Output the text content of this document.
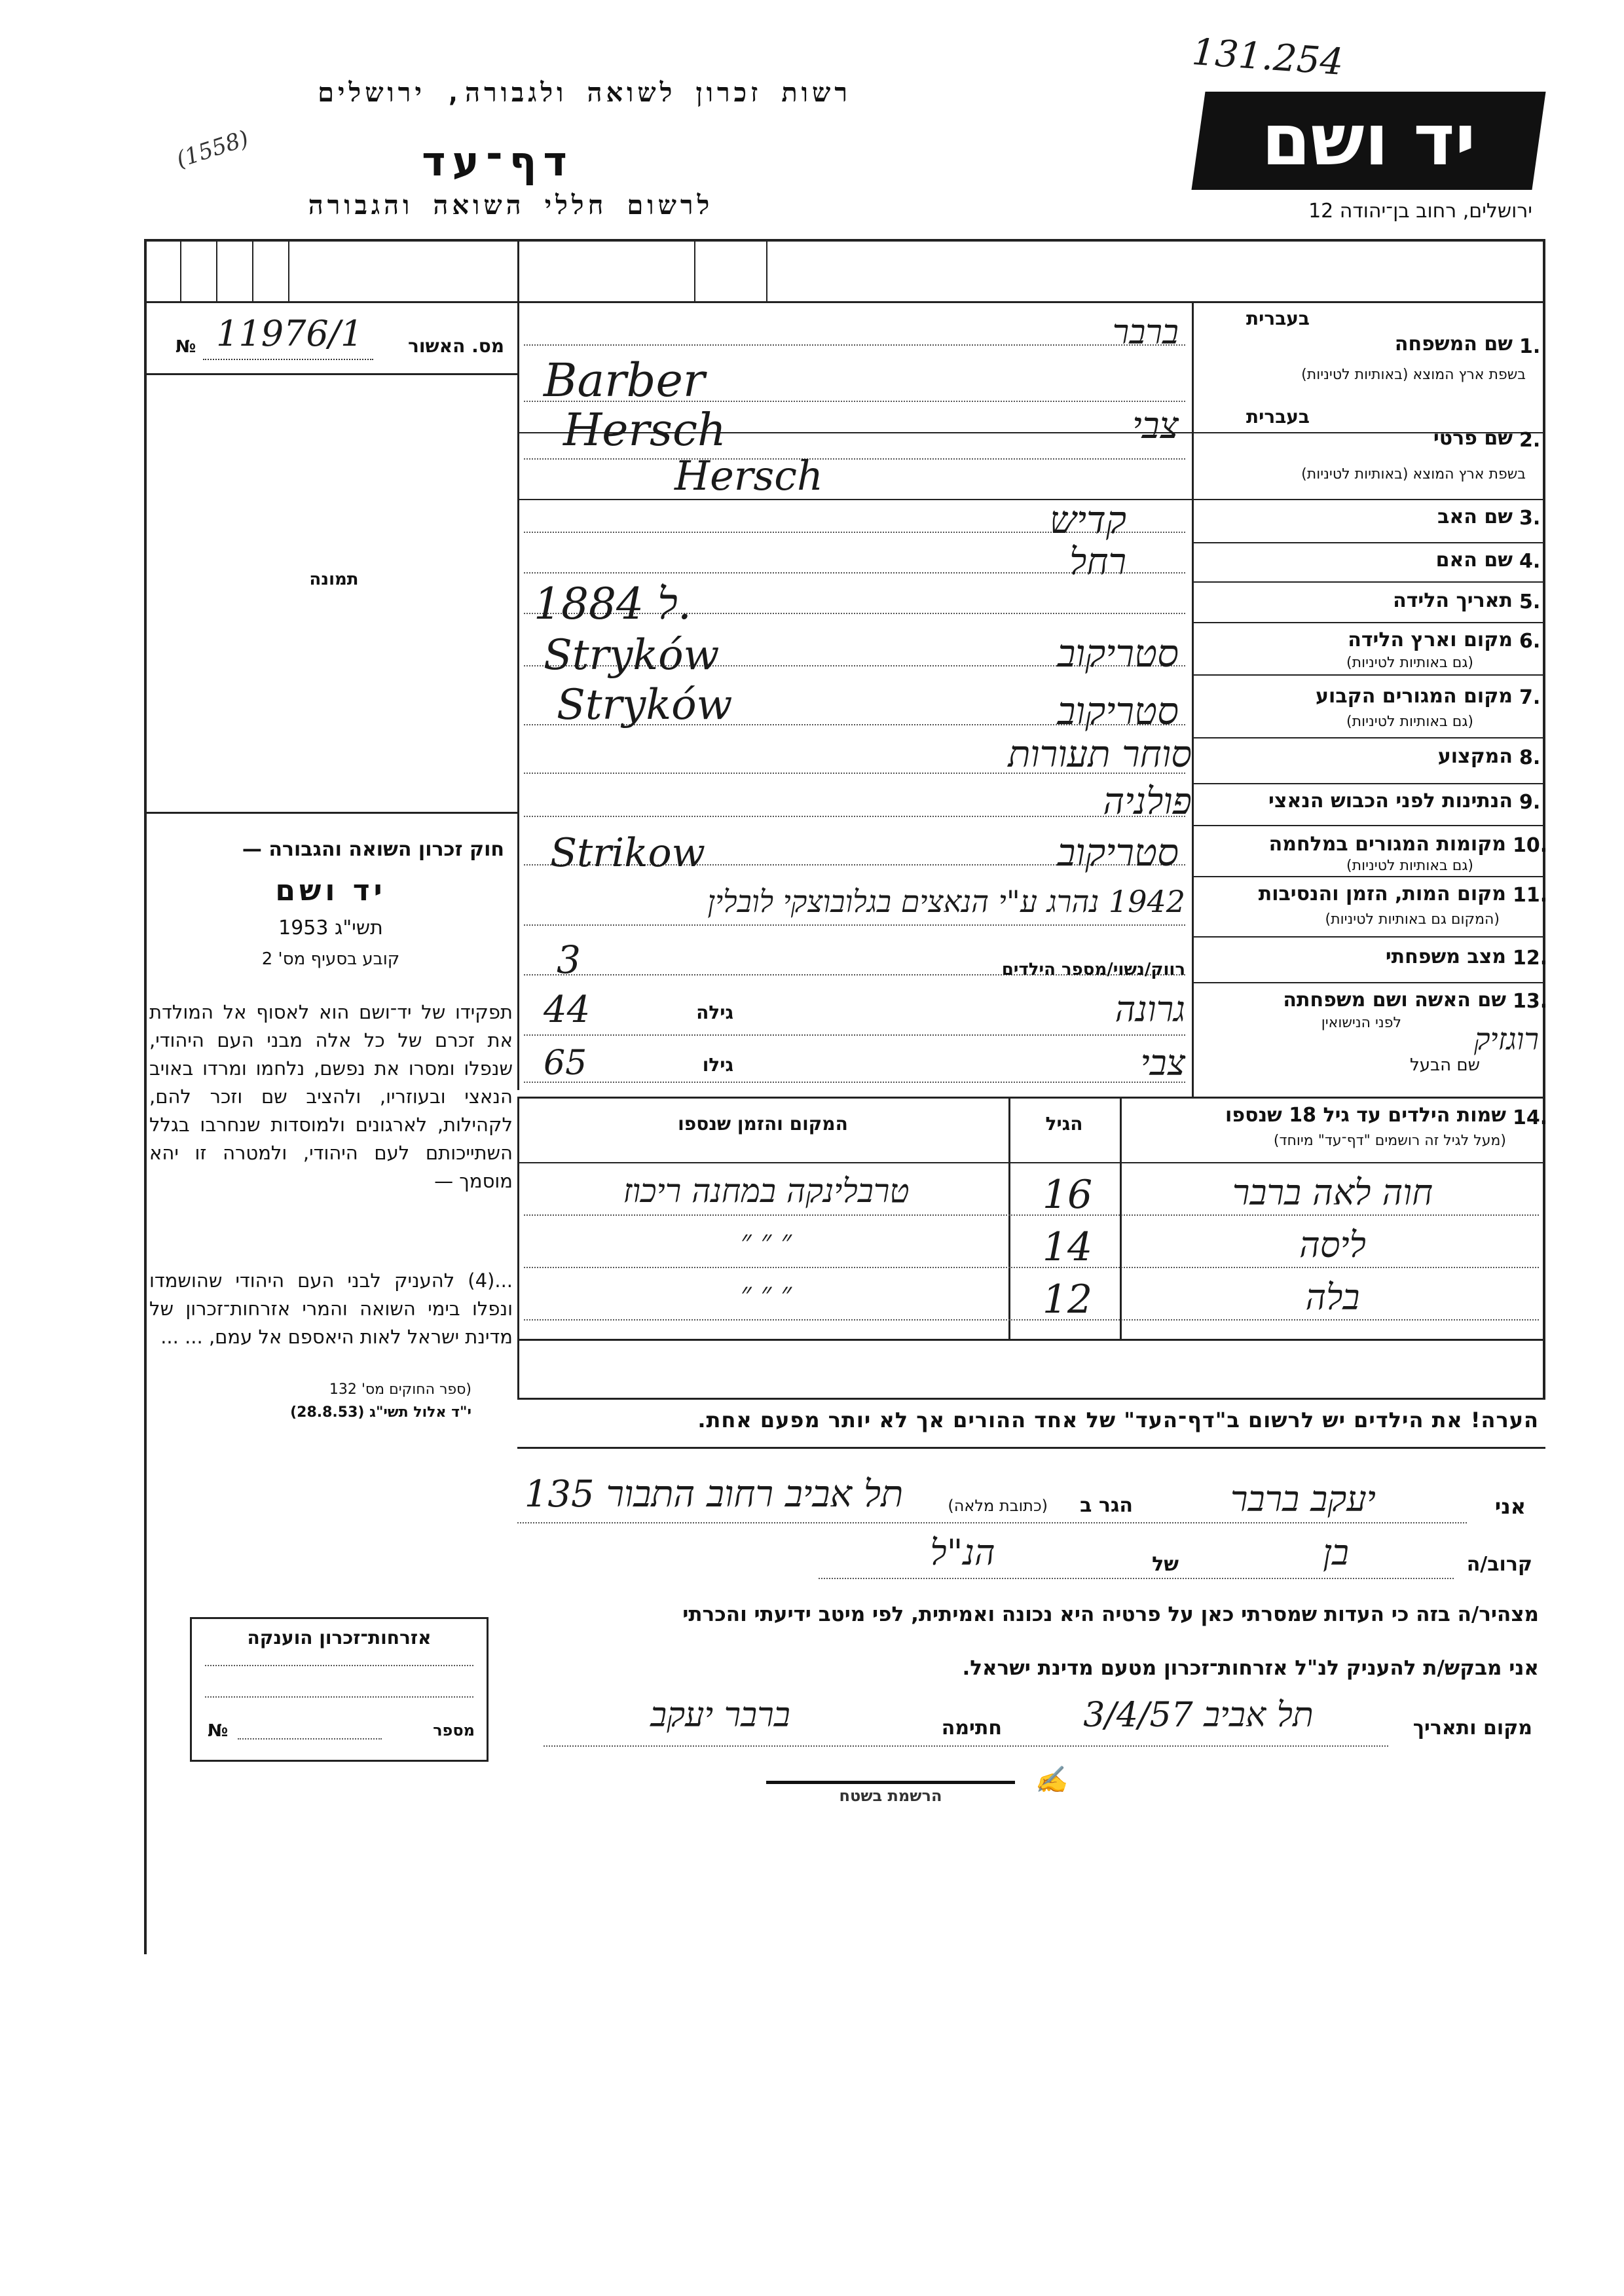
רשות זכרון לשואה ולגבורה, ירושלים
דף־עד
לרשום חללי השואה והגבורה
(1558)
131.254
יד ושם
ירושלים, רחוב בן־יהודה 12
№ 11976/1	מס. האשור
תמונה
בעברית
1.
שם המשפחה
בשפת ארץ המוצא (באותיות לטיניות)
ברבר
Barber
בעברית
2.
שם פרטי
בשפת ארץ המוצא (באותיות לטיניות)
צבי
Hersch
Hersch
3.
שם האב
קדיש
4.
שם האם
רחל
5.
תאריך הלידה
1884 ל.
6.
מקום וארץ הלידה
(גם באותיות לטיניות)
סטריקוב
Stryków
7.
מקום המגורים הקבוע
(גם באותיות לטיניות)
סטריקוב
Stryków
8.
המקצוע
סוחר תעורות
9.
הנתינות לפני הכבוש הנאצי
פולניה
10.
מקומות המגורים במלחמה
(גם באותיות לטיניות)
סטריקוב
Strikow
11.
מקום המות, הזמן והנסיבות
(המקום גם באותיות לטיניות)
1942 נהרג ע"י הנאצים בגלובוצקי לובלין
12.
מצב משפחתי
רווק/נשוי/מספר הילדים
3
13.
שם האשה ושם משפחתה
לפני הנישואין
שם הבעל
גרונה
רוגזיק
גילה
44
גילו
65	צבי
חוק זכרון השואה והגבורה —
יד ושם
תשי"ג 1953
קובע בסעיף מס' 2
תפקידו של יד־ושם הוא לאסוף אל המולדת את זכרם של כל אלה מבני העם היהודי, שנפלו ומסרו את נפשם, נלחמו ומרדו באויב הנאצי ובעוזריו, ולהציב שם וזכר להם, לקהילות, לארגונים ולמוסדות שנחרבו בגלל השתייכותם לעם היהודי, ולמטרה זו יהא מוסמך —
...(4) להעניק לבני העם היהודי שהושמדו ונפלו בימי השואה והמרי אזרחות־זכרון של מדינת ישראל לאות היאספם אל עמם, ... ...
(ספר החוקים מס' 132
י"ד אלול תשי"ג (28.8.53)
14.
שמות הילדים עד גיל 18 שנספו
(מעל לגיל זה רושמים "דף־עד" מיוחד)
הגיל
המקום והזמן שנספו
חוה לאה ברבר
16
טרבלינקה במחנה ריכוז
ליסה
14
״ ״ ״
בלה
12
״ ״ ״
הערה! את הילדים יש לרשום ב"דף־העד" של אחד ההורים אך לא יותר מפעם אחת.
אני
יעקב ברבר
הגר ב
(כתובת מלאה)
תל אביב רחוב התבור 135
קרוב/ה
בן
של
הנ"ל
מצהיר/ה בזה כי העדות שמסרתי כאן על פרטיה היא נכונה ואמיתית, לפי מיטב ידיעתי והכרתי
אני מבקש/ת להעניק לנ"ל אזרחות־זכרון מטעם מדינת ישראל.
מקום ותאריך
תל אביב 3/4/57
חתימה
ברבר יעקב
✍
הרשמת בשטח
אזרחות־זכרון הוענקה
מספר
№
